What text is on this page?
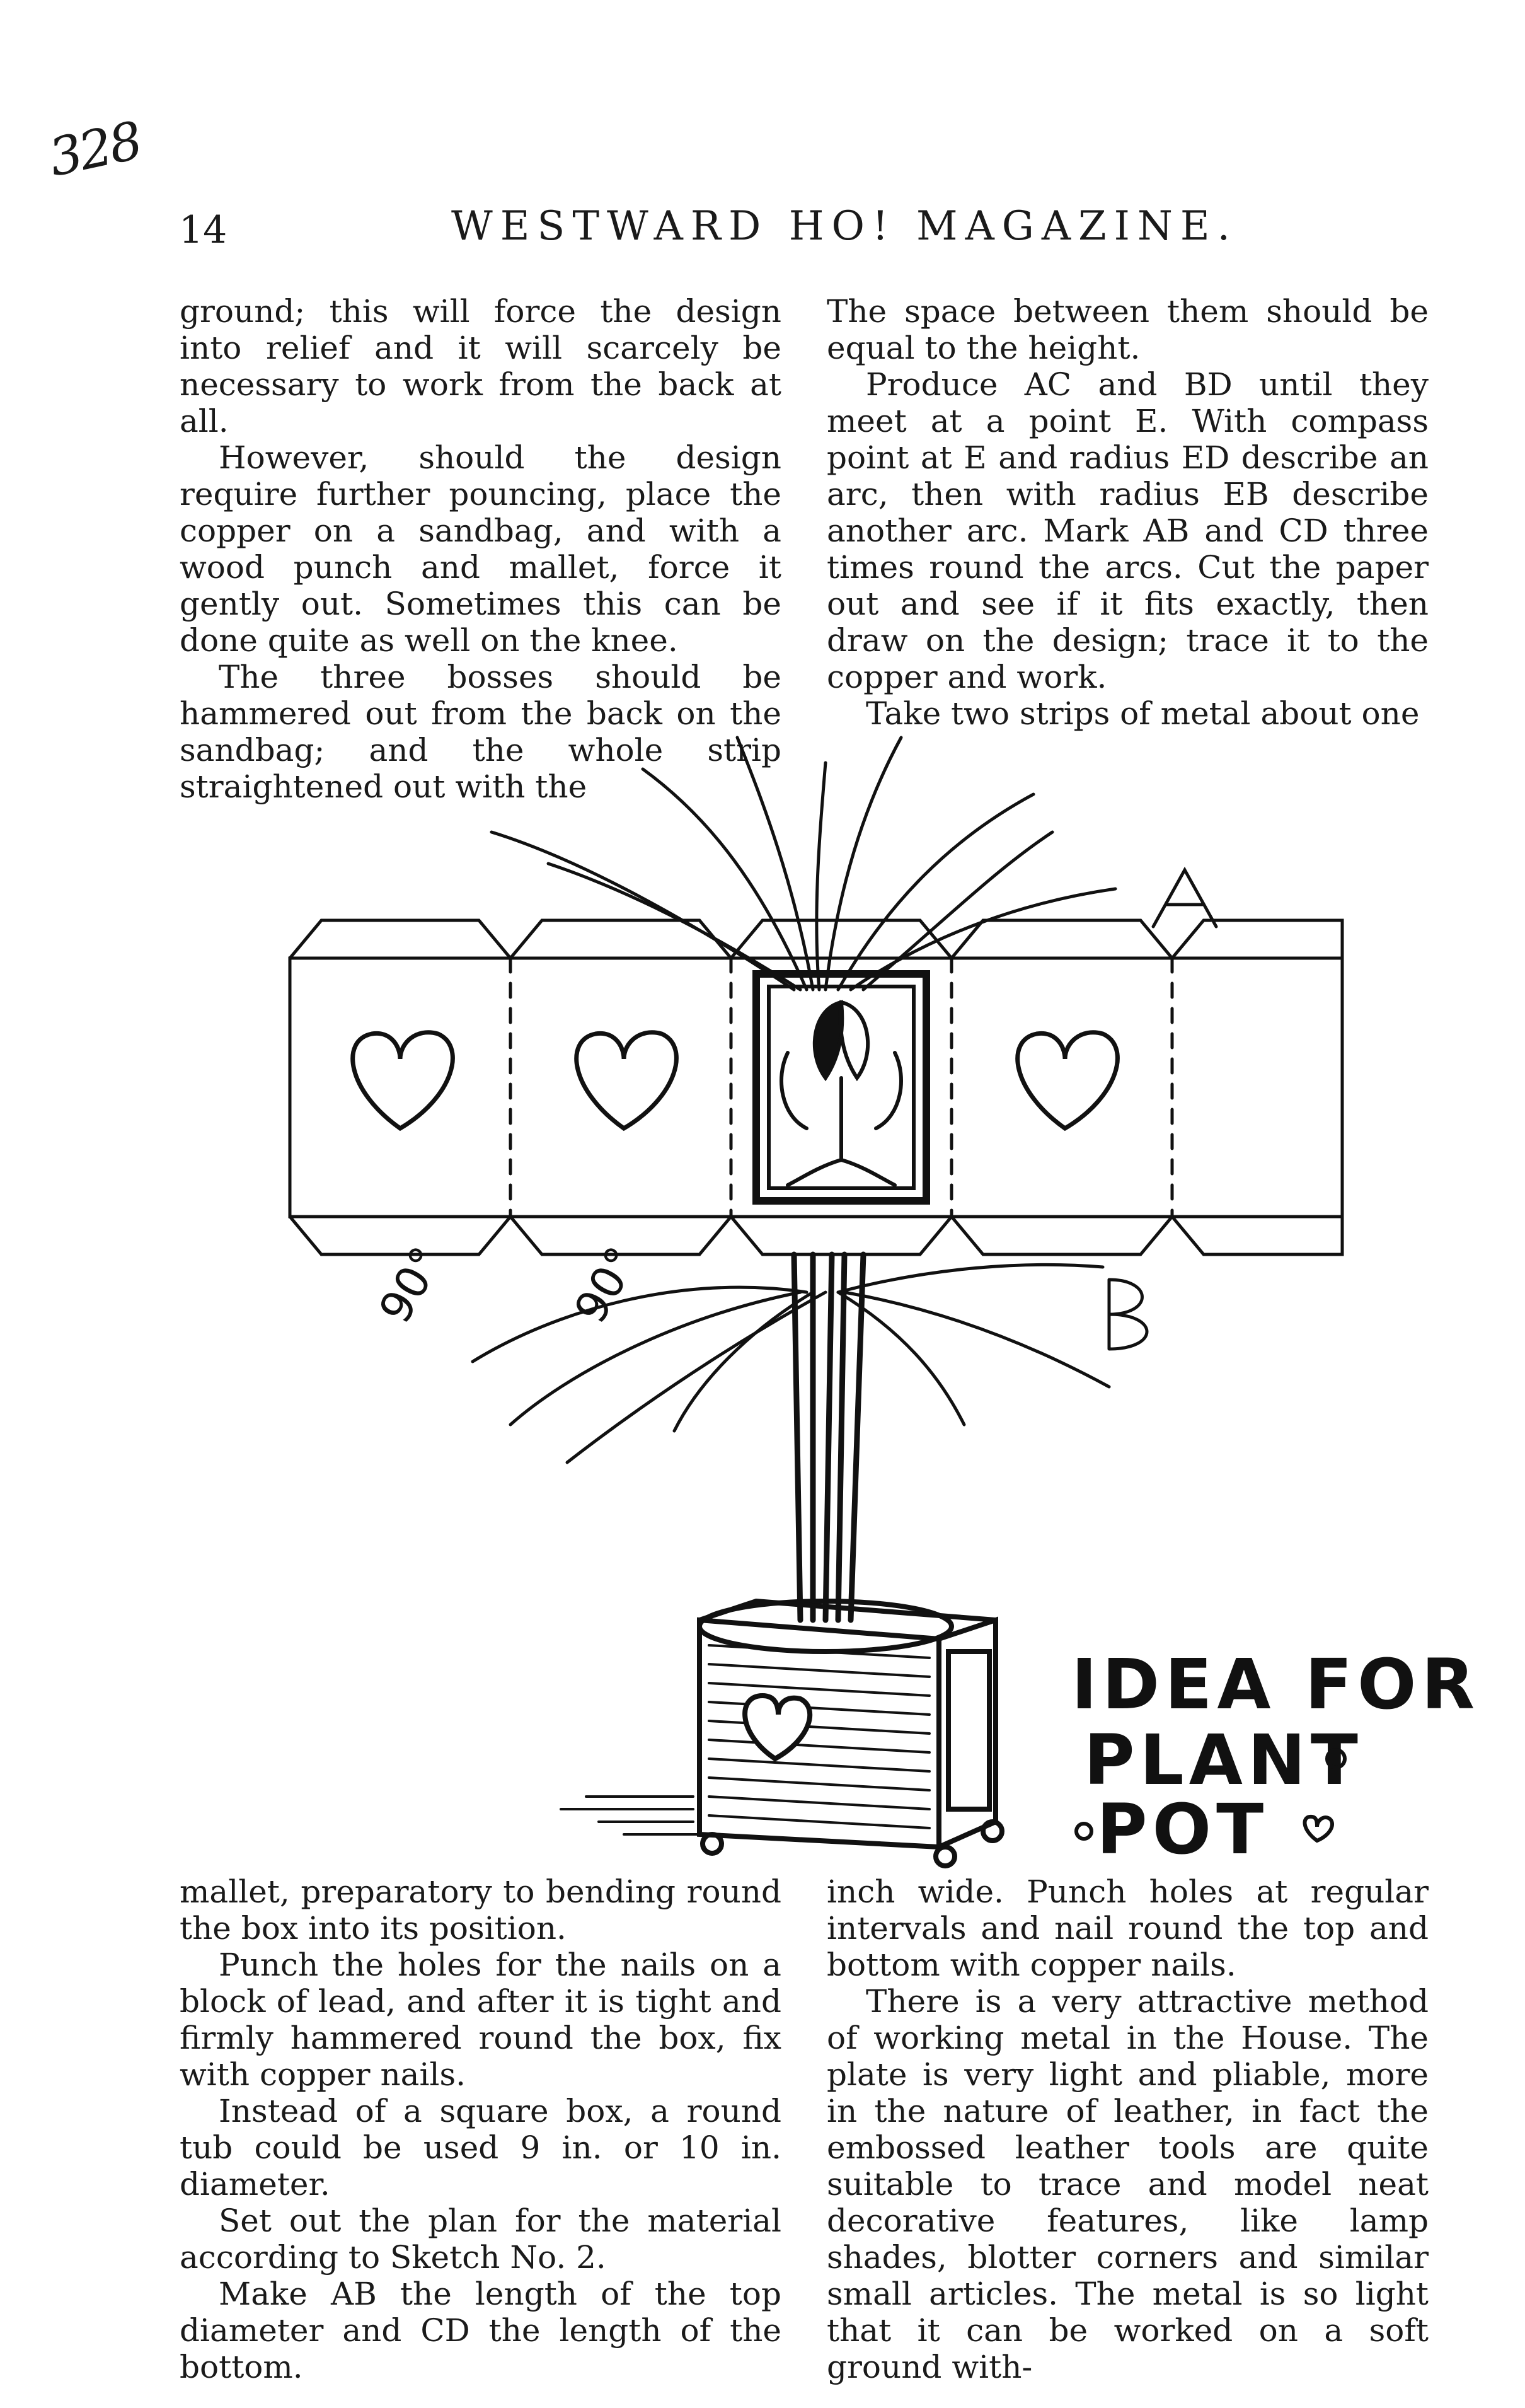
328
14	WESTWARD HO! MAGAZINE.

ground; this will force the design into relief and it will scarcely be necessary to work from the back at all.

However, should the design require further pouncing, place the copper on a sandbag, and with a wood punch and mallet, force it gently out. Sometimes this can be done quite as well on the knee.

The three bosses should be hammered out from the back on the sandbag; and the whole strip straightened out with the

The space between them should be equal to the height.

Produce AC and BD until they meet at a point E. With compass point at E and radius ED describe an arc, then with radius EB describe another arc. Mark AB and CD three times round the arcs. Cut the paper out and see if it fits exactly, then draw on the design; trace it to the copper and work.

Take two strips of metal about one

90°	90°
IDEA FOR
PLANT
POT

mallet, preparatory to bending round the box into its position.

Punch the holes for the nails on a block of lead, and after it is tight and firmly hammered round the box, fix with copper nails.

Instead of a square box, a round tub could be used 9 in. or 10 in. diameter.

Set out the plan for the material according to Sketch No. 2.

Make AB the length of the top diameter and CD the length of the bottom.

inch wide. Punch holes at regular intervals and nail round the top and bottom with copper nails.

There is a very attractive method of working metal in the House. The plate is very light and pliable, more in the nature of leather, in fact the embossed leather tools are quite suitable to trace and model neat decorative features, like lamp shades, blotter corners and similar small articles. The metal is so light that it can be worked on a soft ground with-
